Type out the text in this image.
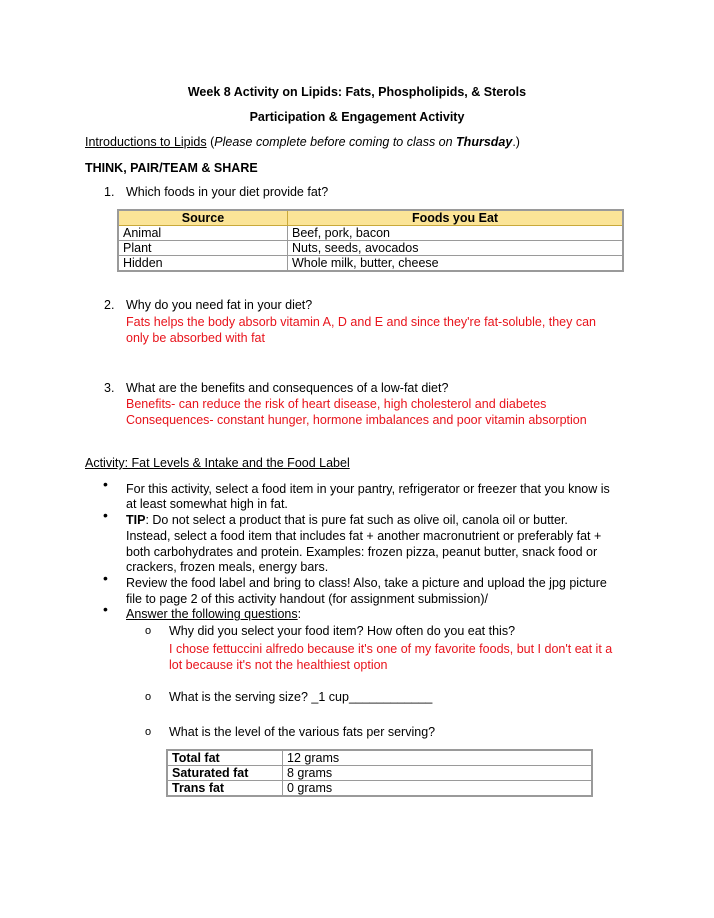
Week 8 Activity on Lipids: Fats, Phospholipids, & Sterols
Participation & Engagement Activity
Introductions to Lipids (Please complete before coming to class on Thursday.)
THINK, PAIR/TEAM & SHARE
1. Which foods in your diet provide fat?
Source	Foods you Eat
Animal	Beef, pork, bacon
Plant	Nuts, seeds, avocados
Hidden	Whole milk, butter, cheese
2. Why do you need fat in your diet?
Fats helps the body absorb vitamin A, D and E and since they're fat-soluble, they can
only be absorbed with fat
3. What are the benefits and consequences of a low-fat diet?
Benefits- can reduce the risk of heart disease, high cholesterol and diabetes
Consequences- constant hunger, hormone imbalances and poor vitamin absorption
Activity: Fat Levels & Intake and the Food Label
• For this activity, select a food item in your pantry, refrigerator or freezer that you know is
at least somewhat high in fat.
• TIP: Do not select a product that is pure fat such as olive oil, canola oil or butter.
Instead, select a food item that includes fat + another macronutrient or preferably fat +
both carbohydrates and protein. Examples: frozen pizza, peanut butter, snack food or
crackers, frozen meals, energy bars.
• Review the food label and bring to class! Also, take a picture and upload the jpg picture
file to page 2 of this activity handout (for assignment submission)/
• Answer the following questions:
o Why did you select your food item? How often do you eat this?
I chose fettuccini alfredo because it's one of my favorite foods, but I don't eat it a
lot because it's not the healthiest option
o What is the serving size? _1 cup____________
o What is the level of the various fats per serving?
Total fat	12 grams
Saturated fat	8 grams
Trans fat	0 grams
